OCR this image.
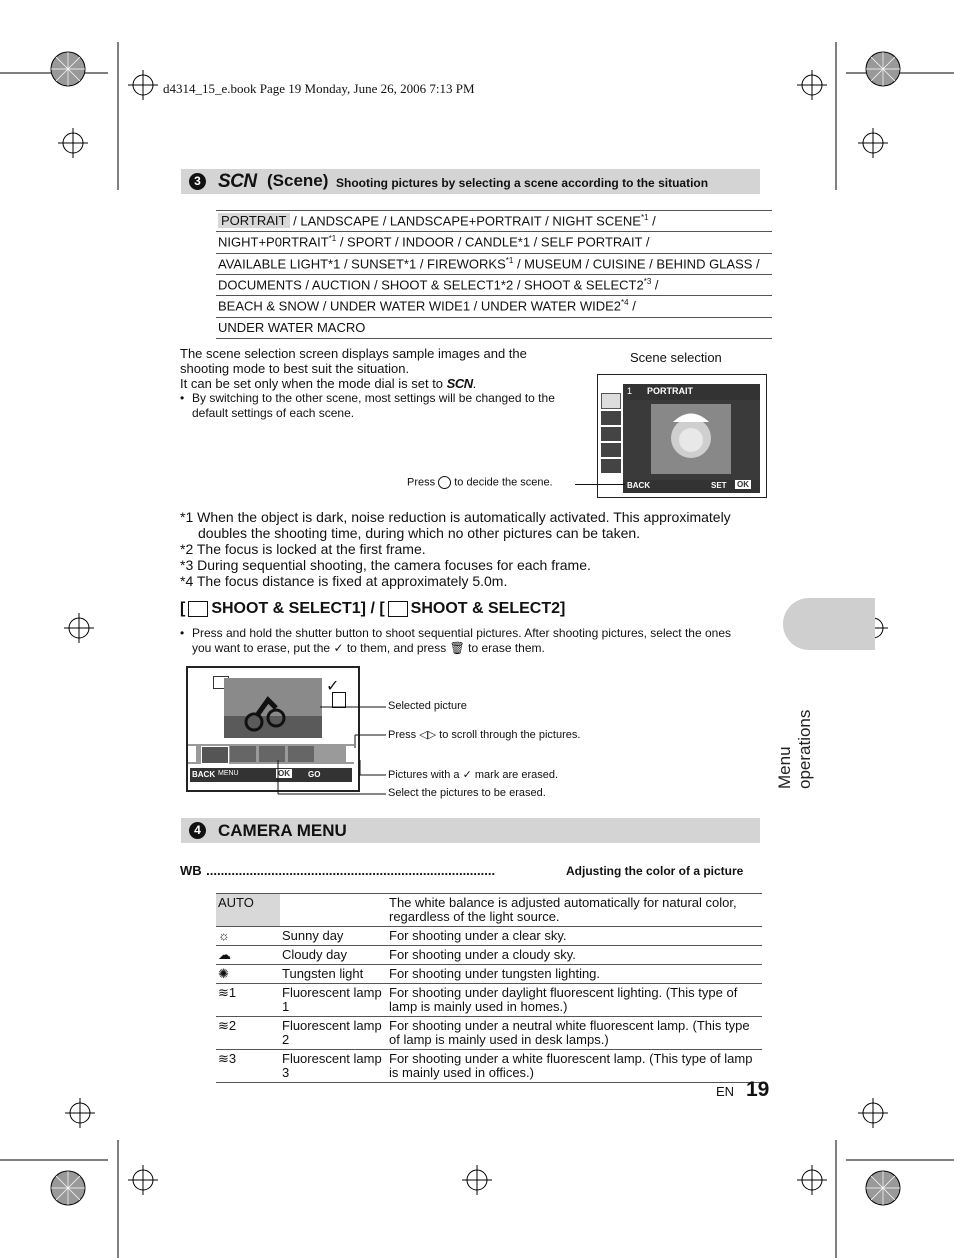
d4314_15_e.book Page 19 Monday, June 26, 2006 7:13 PM
3 SCN (Scene) Shooting pictures by selecting a scene according to the situation
PORTRAIT / LANDSCAPE / LANDSCAPE+PORTRAIT / NIGHT SCENE$^{*1}$ /
$NIGHT+P0RTRAIT^{*1}$ / SPORT / INDOOR / CANDLE*1 / SELF PORTRAIT /
AVAILABLE LIGHT*1 / SUNSET*1 / FIREWORKS$^{*1}$ / MUSEUM / CUISINE / BEHIND GLASS /
DOCUMENTS / AUCTION / SHOOT & SELECT1*2 / SHOOT & SELECT2$^{*3}$ /
BEACH & SNOW / UNDER WATER WIDE1 / UNDER WATER WIDE2$^{*4}$ /
UNDER WATER MACRO
The scene selection screen displays sample images and the
shooting mode to best suit the situation.
It can be set only when the mode dial is set to SCN.
• By switching to the other scene, most settings will be changed to the
default settings of each scene.
Scene selection
1 PORTRAIT
BACK	SET OK
Press to decide the scene.
*1 When the object is dark, noise reduction is automatically activated. This approximately
doubles the shooting time, during which no other pictures can be taken.
*2 The focus is locked at the first frame.
*3 During sequential shooting, the camera focuses for each frame.
*4 The focus distance is fixed at approximately 5.0m.
[ SHOOT & SELECT1] / [ SHOOT & SELECT2]
• Press and hold the shutter button to shoot sequential pictures. After shooting pictures, select the ones
you want to erase, put the ✓ to them, and press 🗑 to erase them.
✓
BACK MENU	OK GO
Selected picture
Press ◁▷ to scroll through the pictures.
Pictures with a ✓ mark are erased.
Select the pictures to be erased.
4	CAMERA MENU
WB ................................................................................	Adjusting the color of a picture
AUTO		The white balance is adjusted automatically for natural color, regardless of the light source.
☼	Sunny day	For shooting under a clear sky.
☁	Cloudy day	For shooting under a cloudy sky.
✺	Tungsten light	For shooting under tungsten lighting.
≋1	Fluorescent lamp 1	For shooting under daylight fluorescent lighting. (This type of lamp is mainly used in homes.)
≋2	Fluorescent lamp 2	For shooting under a neutral white fluorescent lamp. (This type of lamp is mainly used in desk lamps.)
≋3	Fluorescent lamp 3	For shooting under a white fluorescent lamp. (This type of lamp is mainly used in offices.)
Menu operations
EN 19
